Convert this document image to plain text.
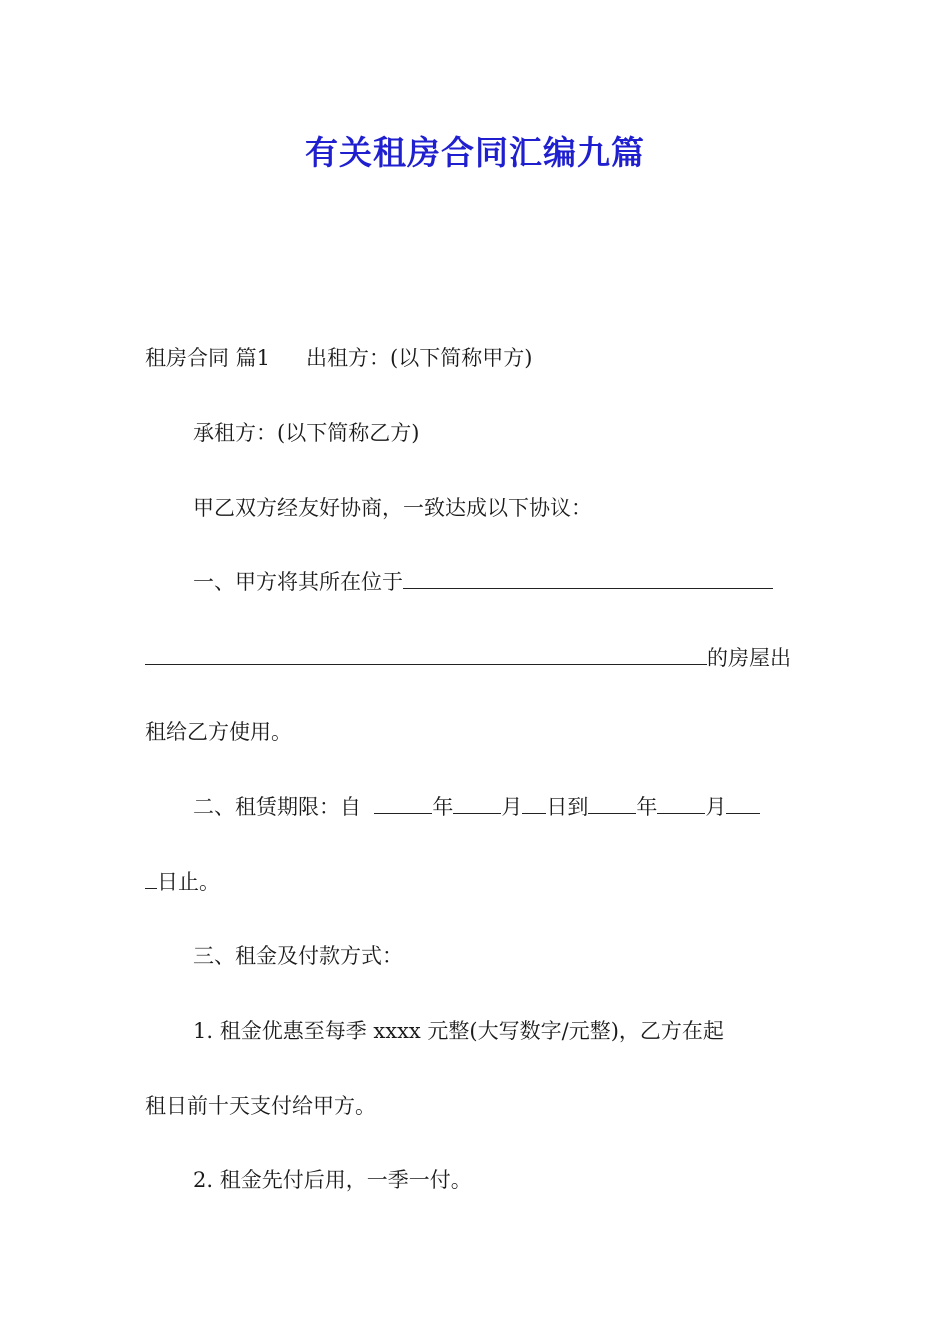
有关租房合同汇编九篇

租房合同 篇1 出租方：(以下简称甲方)

承租方：(以下简称乙方)

甲乙双方经友好协商，一致达成以下协议：

一、甲方将其所在位于

的房屋出

租给乙方使用。

二、租赁期限：自	年 月 日到 年 月

日止。

三、租金及付款方式：

1. 租金优惠至每季 xxxx 元整(大写数字/元整)，乙方在起

租日前十天支付给甲方。

2. 租金先付后用，一季一付。
